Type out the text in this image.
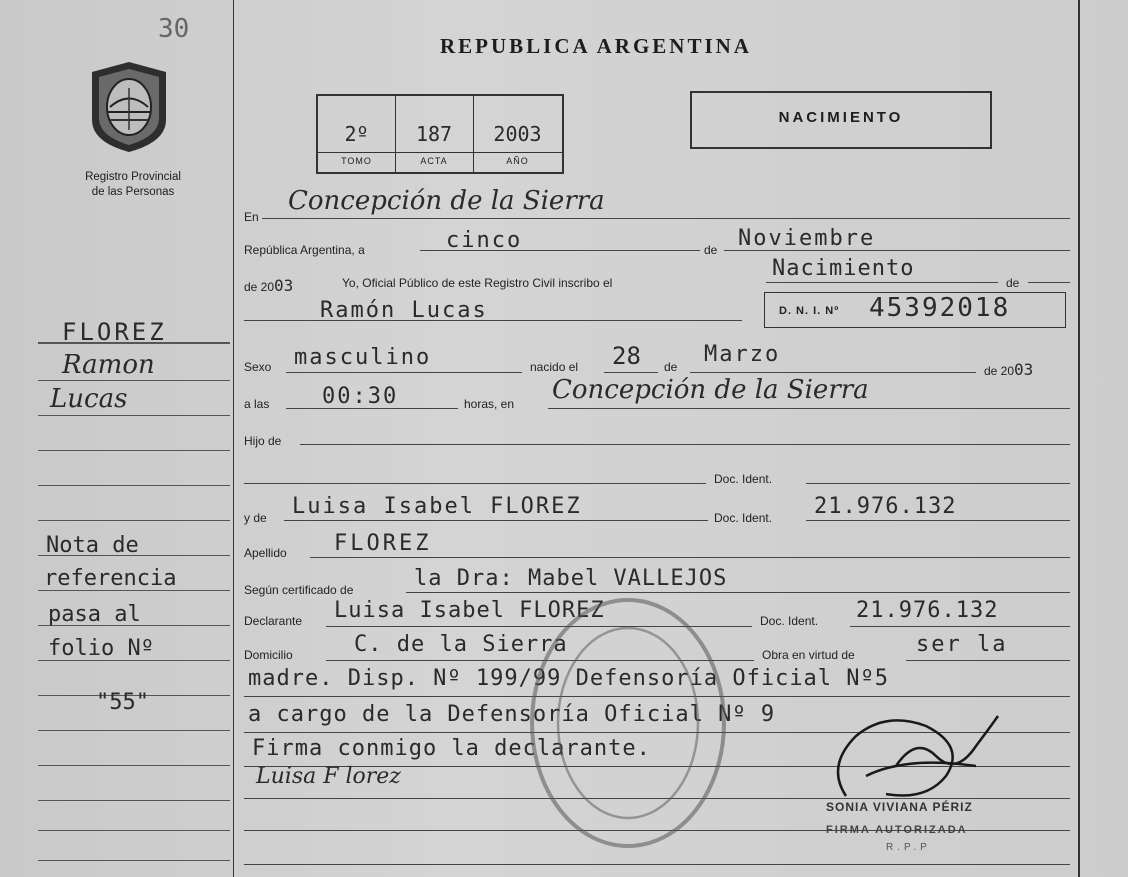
30
Registro Provincial
de las Personas
REPUBLICA ARGENTINA
2º	187	2003
TOMO	ACTA	AÑO
NACIMIENTO
FLOREZ
Ramon
Lucas
Nota de
referencia
pasa al
folio Nº
"55"
En
Concepción de la Sierra
República Argentina, a	cinco	de Noviembre
de 2003	Yo, Oficial Público de este Registro Civil inscribo el
Nacimiento
de
Ramón Lucas	D. N. I. Nº 45392018
Sexo masculino	nacido el 28 de Marzo
de 2003
a las 00:30	horas, en Concepción de la Sierra
Hijo de
Doc. Ident.
y de Luisa Isabel FLOREZ	Doc. Ident. 21.976.132
Apellido FLOREZ
Según certificado de	la Dra: Mabel VALLEJOS
Declarante Luisa Isabel FLOREZ	Doc. Ident. 21.976.132
Domicilio	C. de la Sierra	Obra en virtud de	ser la
madre. Disp. Nº 199/99 Defensoría Oficial Nº5
a cargo de la Defensoría Oficial Nº 9
Firma conmigo la declarante.
Luisa F lorez
SONIA VIVIANA PÉRIZ
FIRMA AUTORIZADA
R.P.P
